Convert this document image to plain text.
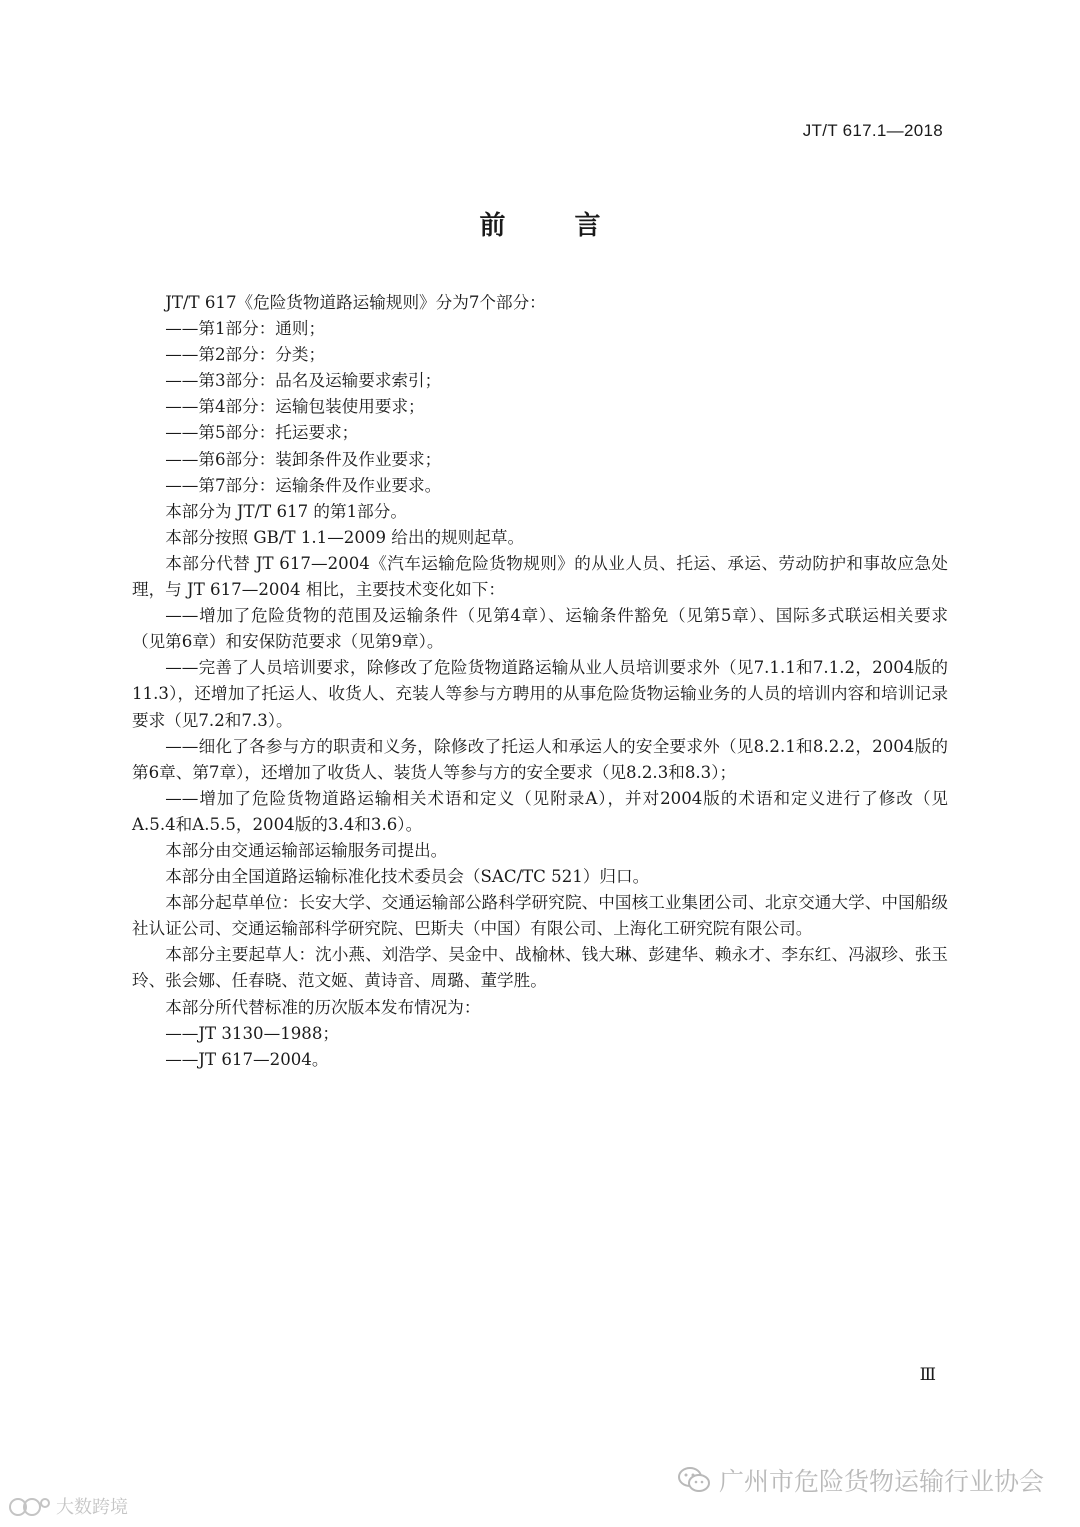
JT/T 617.1—2018
前 言

JT/T 617《危险货物道路运输规则》分为7个部分：

——第1部分：通则；

——第2部分：分类；

——第3部分：品名及运输要求索引；

——第4部分：运输包装使用要求；

——第5部分：托运要求；

——第6部分：装卸条件及作业要求；

——第7部分：运输条件及作业要求。

本部分为 JT/T 617 的第1部分。

本部分按照 GB/T 1.1—2009 给出的规则起草。

本部分代替 JT 617—2004《汽车运输危险货物规则》的从业人员、托运、承运、劳动防护和事故应急处理，与 JT 617—2004 相比，主要技术变化如下：

——增加了危险货物的范围及运输条件（见第4章）、运输条件豁免（见第5章）、国际多式联运相关要求（见第6章）和安保防范要求（见第9章）。

——完善了人员培训要求，除修改了危险货物道路运输从业人员培训要求外（见7.1.1和7.1.2，2004版的11.3），还增加了托运人、收货人、充装人等参与方聘用的从事危险货物运输业务的人员的培训内容和培训记录要求（见7.2和7.3）。

——细化了各参与方的职责和义务，除修改了托运人和承运人的安全要求外（见8.2.1和8.2.2，2004版的第6章、第7章），还增加了收货人、装货人等参与方的安全要求（见8.2.3和8.3）；

——增加了危险货物道路运输相关术语和定义（见附录A），并对2004版的术语和定义进行了修改（见A.5.4和A.5.5，2004版的3.4和3.6）。

本部分由交通运输部运输服务司提出。

本部分由全国道路运输标准化技术委员会（SAC/TC 521）归口。

本部分起草单位：长安大学、交通运输部公路科学研究院、中国核工业集团公司、北京交通大学、中国船级社认证公司、交通运输部科学研究院、巴斯夫（中国）有限公司、上海化工研究院有限公司。

本部分主要起草人：沈小燕、刘浩学、吴金中、战榆林、钱大琳、彭建华、赖永才、李东红、冯淑珍、张玉玲、张会娜、任春晓、范文姬、黄诗音、周璐、董学胜。

本部分所代替标准的历次版本发布情况为：

——JT 3130—1988；

——JT 617—2004。

Ⅲ
广州市危险货物运输行业协会
大数跨境
